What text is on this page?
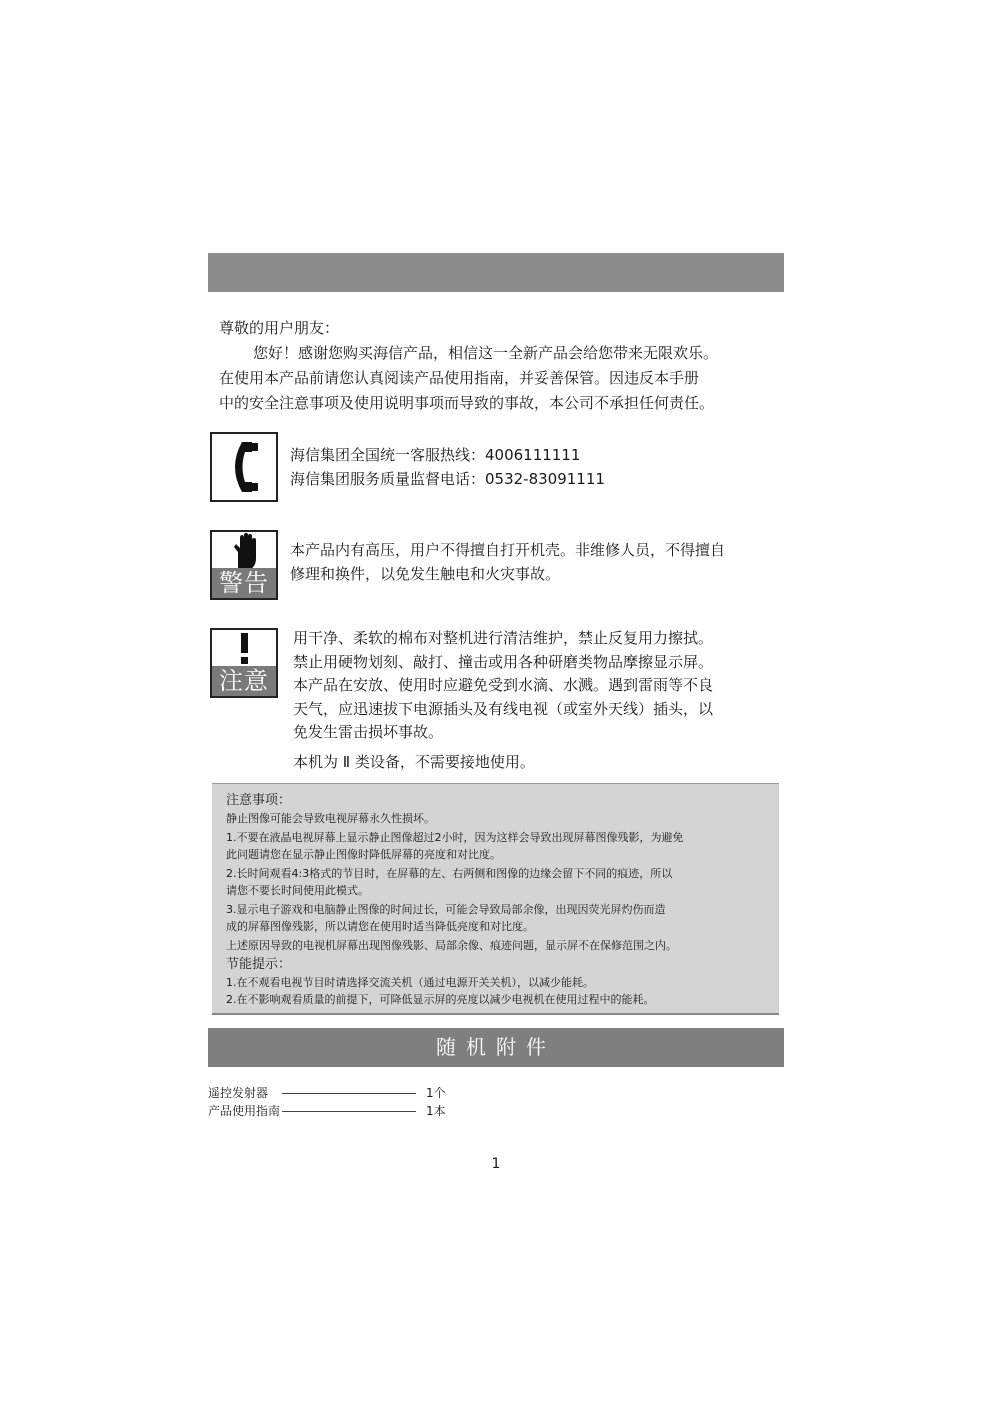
尊敬的用户朋友：

您好！感谢您购买海信产品，相信这一全新产品会给您带来无限欢乐。

在使用本产品前请您认真阅读产品使用指南，并妥善保管。因违反本手册

中的安全注意事项及使用说明事项而导致的事故，本公司不承担任何责任。

海信集团全国统一客服热线：4006111111
海信集团服务质量监督电话：0532-83091111
警告
本产品内有高压，用户不得擅自打开机壳。非维修人员，不得擅自
修理和换件，以免发生触电和火灾事故。
注意
用干净、柔软的棉布对整机进行清洁维护，禁止反复用力擦拭。
禁止用硬物划刻、敲打、撞击或用各种研磨类物品摩擦显示屏。
本产品在安放、使用时应避免受到水滴、水溅。遇到雷雨等不良
天气，应迅速拔下电源插头及有线电视（或室外天线）插头，以
免发生雷击损坏事故。
本机为 Ⅱ 类设备，不需要接地使用。
注意事项：
静止图像可能会导致电视屏幕永久性损坏。
1.不要在液晶电视屏幕上显示静止图像超过2小时，因为这样会导致出现屏幕图像残影，为避免
此问题请您在显示静止图像时降低屏幕的亮度和对比度。
2.长时间观看4:3格式的节目时，在屏幕的左、右两侧和图像的边缘会留下不同的痕迹，所以
请您不要长时间使用此模式。
3.显示电子游戏和电脑静止图像的时间过长，可能会导致局部余像，出现因荧光屏灼伤而造
成的屏幕图像残影，所以请您在使用时适当降低亮度和对比度。
上述原因导致的电视机屏幕出现图像残影、局部余像、痕迹问题，显示屏不在保修范围之内。
节能提示：
1.在不观看电视节目时请选择交流关机（通过电源开关关机），以减少能耗。
2.在不影响观看质量的前提下，可降低显示屏的亮度以减少电视机在使用过程中的能耗。
随机附件
遥控发射器	1个
产品使用指南	1本
1
